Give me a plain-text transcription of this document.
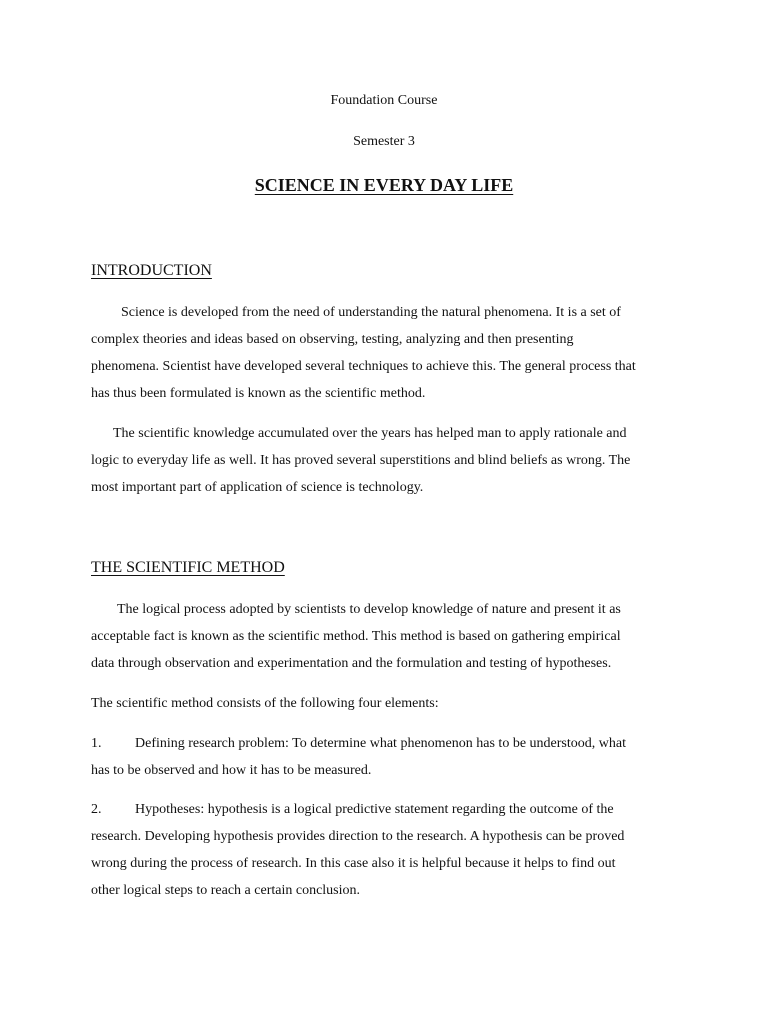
Foundation Course
Semester 3
SCIENCE IN EVERY DAY LIFE
INTRODUCTION
Science is developed from the need of understanding the natural phenomena. It is a set of
complex theories and ideas based on observing, testing, analyzing and then presenting
phenomena. Scientist have developed several techniques to achieve this. The general process that
has thus been formulated is known as the scientific method.
The scientific knowledge accumulated over the years has helped man to apply rationale and
logic to everyday life as well. It has proved several superstitions and blind beliefs as wrong. The
most important part of application of science is technology.
THE SCIENTIFIC METHOD
The logical process adopted by scientists to develop knowledge of nature and present it as
acceptable fact is known as the scientific method. This method is based on gathering empirical
data through observation and experimentation and the formulation and testing of hypotheses.
The scientific method consists of the following four elements:
1. Defining research problem: To determine what phenomenon has to be understood, what
has to be observed and how it has to be measured.
2. Hypotheses: hypothesis is a logical predictive statement regarding the outcome of the
research. Developing hypothesis provides direction to the research. A hypothesis can be proved
wrong during the process of research. In this case also it is helpful because it helps to find out
other logical steps to reach a certain conclusion.
